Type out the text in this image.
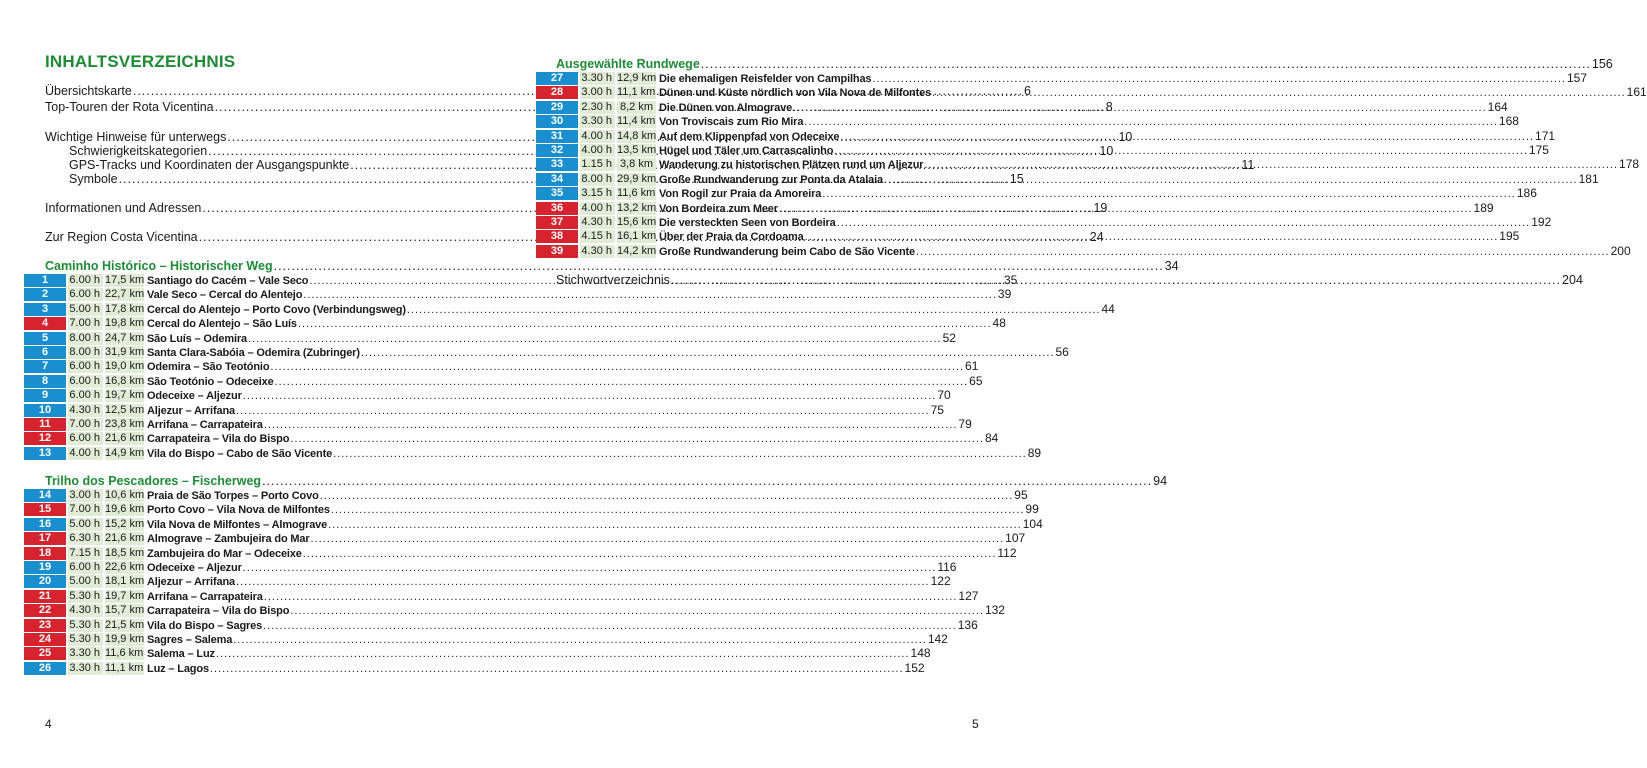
INHALTSVERZEICHNIS
Übersichtskarte .....	6
Top-Touren der Rota Vicentina .....	8
Wichtige Hinweise für unterwegs .....	10
Schwierigkeitskategorien .....	10
GPS-Tracks und Koordinaten der Ausgangspunkte .....	11
Symbole .....	15
Informationen und Adressen .....	19
Zur Region Costa Vicentina .....	24
Caminho Histórico – Historischer Weg .....	34
1	6.00 h 17,5 km Santiago do Cacém – Vale Seco .....	35
2	6.00 h 22,7 km Vale Seco – Cercal do Alentejo .....	39
3	5.00 h 17,8 km Cercal do Alentejo – Porto Covo (Verbindungsweg) .....	44
4	7.00 h 19,8 km Cercal do Alentejo – São Luís .....	48
5	8.00 h 24,7 km São Luís – Odemira .....	52
6	8.00 h 31,9 km Santa Clara-Sabóia – Odemira (Zubringer) .....	56
7	6.00 h 19,0 km Odemira – São Teotónio .....	61
8	6.00 h 16,8 km São Teotónio – Odeceixe .....	65
9	6.00 h 19,7 km Odeceixe – Aljezur .....	70
10	4.30 h 12,5 km Aljezur – Arrifana .....	75
11	7.00 h 23,8 km Arrifana – Carrapateira .....	79
12	6.00 h 21,6 km Carrapateira – Vila do Bispo .....	84
13	4.00 h 14,9 km Vila do Bispo – Cabo de São Vicente .....	89
Trilho dos Pescadores – Fischerweg .....	94
14	3.00 h 10,6 km Praia de São Torpes – Porto Covo .....	95
15	7.00 h 19,6 km Porto Covo – Vila Nova de Milfontes .....	99
16	5.00 h 15,2 km Vila Nova de Milfontes – Almograve .....	104
17	6.30 h 21,6 km Almograve – Zambujeira do Mar .....	107
18	7.15 h 18,5 km Zambujeira do Mar – Odeceixe .....	112
19	6.00 h 22,6 km Odeceixe – Aljezur .....	116
20	5.00 h 18,1 km Aljezur – Arrifana .....	122
21	5.30 h 19,7 km Arrifana – Carrapateira .....	127
22	4.30 h 15,7 km Carrapateira – Vila do Bispo .....	132
23	5.30 h 21,5 km Vila do Bispo – Sagres .....	136
24	5.30 h 19,9 km Sagres – Salema .....	142
25	3.30 h 11,6 km Salema – Luz .....	148
26	3.30 h 11,1 km Luz – Lagos .....	152
4
Ausgewählte Rundwege .....	156
27	3.30 h 12,9 km Die ehemaligen Reisfelder von Campilhas .....	157
28	3.00 h 11,1 km Dünen und Küste nördlich von Vila Nova de Milfontes .....	161
29	2.30 h 8,2 km Die Dünen von Almograve .....	164
30	3.30 h 11,4 km Von Troviscais zum Rio Mira .....	168
31	4.00 h 14,8 km Auf dem Klippenpfad von Odeceixe .....	171
32	4.00 h 13,5 km Hügel und Täler um Carrascalinho .....	175
33	1.15 h 3,8 km Wanderung zu historischen Plätzen rund um Aljezur .....	178
34	8.00 h 29,9 km Große Rundwanderung zur Ponta da Atalaia .....	181
35	3.15 h 11,6 km Von Rogil zur Praia da Amoreira .....	186
36	4.00 h 13,2 km Von Bordeira zum Meer .....	189
37	4.30 h 15,6 km Die versteckten Seen von Bordeira .....	192
38	4.15 h 16,1 km Über der Praia da Cordoama .....	195
39	4.30 h 14,2 km Große Rundwanderung beim Cabo de São Vicente .....	200
Stichwortverzeichnis .....	204
5
